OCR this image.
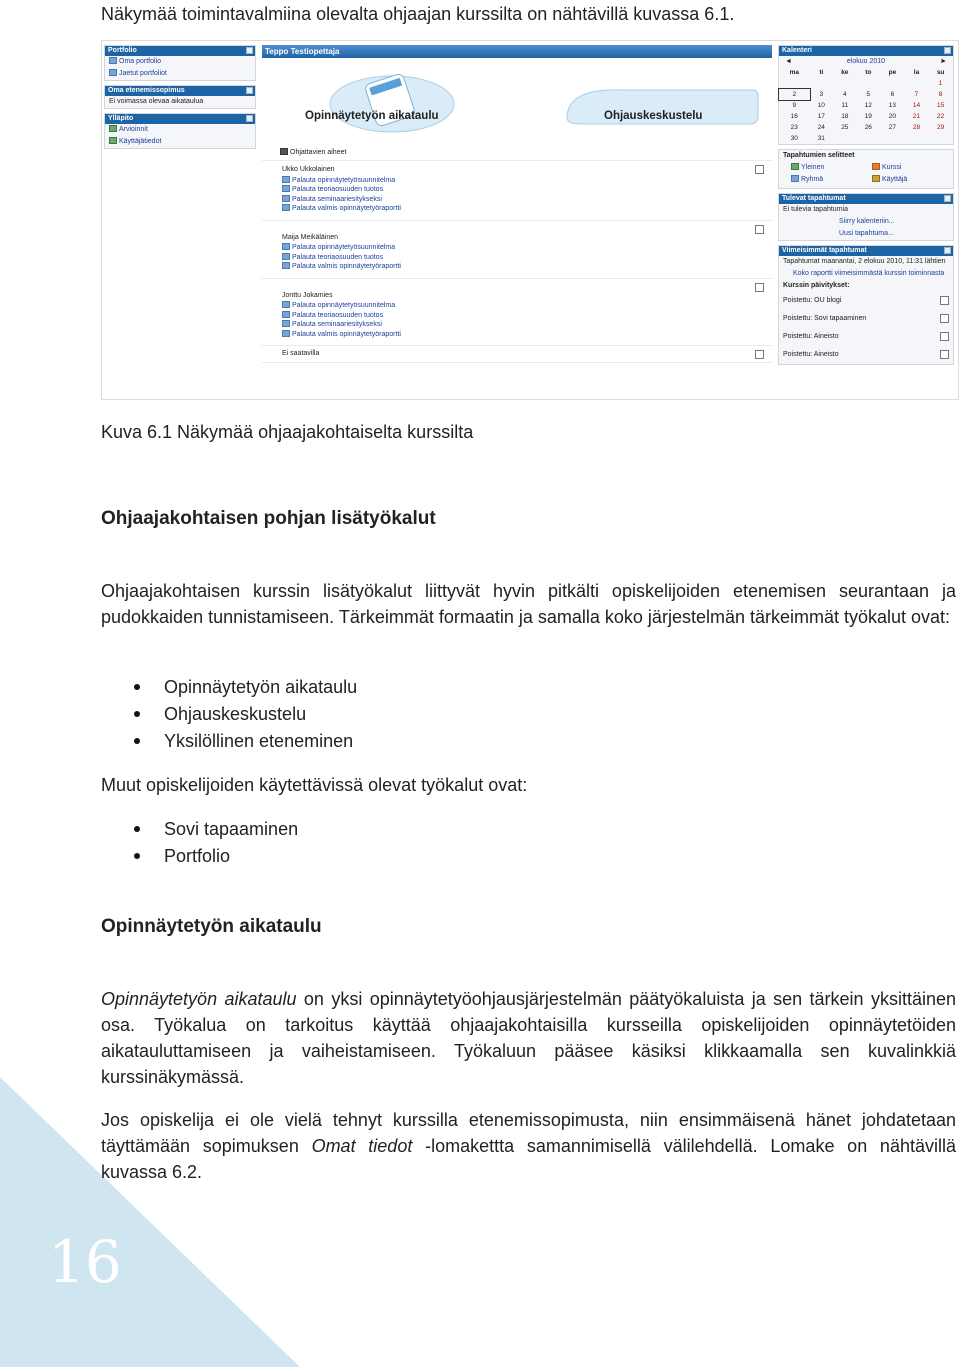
16
Näkymää toimintavalmiina olevalta ohjaajan kurssilta on nähtävillä kuvassa 6.1.
Portfolio
Oma portfolio
Jaetut portfoliot
Oma etenemissopimus
Ei voimassa olevaa aikataulua
Ylläpito
Arvioinnit
Käyttäjätiedot
Teppo Testiopettaja
Opinnäytetyön aikataulu	Ohjauskeskustelu
Ohjattavien aiheet
Ukko Ukkolainen
Palauta opinnäytetyösuunnitelma
Palauta teoriaosuuden tuotos
Palauta seminaariesitykseksi
Palauta valmis opinnäytetyöraportti
Maija Meikäläinen
Palauta opinnäytetyösuunnitelma
Palauta teoriaosuuden tuotos
Palauta valmis opinnäytetyöraportti
Jonttu Jokamies
Palauta opinnäytetyösuunnitelma
Palauta teoriaosuuden tuotos
Palauta seminaariesitykseksi
Palauta valmis opinnäytetyöraportti
Ei saatavilla
Kalenteri
◄	elokuu 2010	►
ma	ti	ke	to	pe	la	su
						1
2	3	4	5	6	7	8
9	10	11	12	13	14	15
16	17	18	19	20	21	22
23	24	25	26	27	28	29
30	31					
Tapahtumien selitteet
Yleinen	Kurssi
Ryhmä	Käyttäjä
Tulevat tapahtumat
Ei tulevia tapahtumia
Siirry kalenteriin...
Uusi tapahtuma...
Viimeisimmät tapahtumat
Tapahtumat maanantai, 2 elokuu 2010, 11:31 lähtien
Koko raportti viimeisimmästä kurssin toiminnasta
Kurssin päivitykset:
Poistettu: OU blogi
Poistettu: Sovi tapaaminen
Poistettu: Aineisto
Poistettu: Aineisto
Kuva 6.1 Näkymää ohjaajakohtaiselta kurssilta
Ohjaajakohtaisen pohjan lisätyökalut
Ohjaajakohtaisen kurssin lisätyökalut liittyvät hyvin pitkälti opiskelijoiden etenemisen seurantaan ja pudokkaiden tunnistamiseen. Tärkeimmät formaatin ja samalla koko järjestelmän tärkeimmät työkalut ovat:
Opinnäytetyön aikataulu
Ohjauskeskustelu
Yksilöllinen eteneminen
Muut opiskelijoiden käytettävissä olevat työkalut ovat:
Sovi tapaaminen
Portfolio
Opinnäytetyön aikataulu
Opinnäytetyön aikataulu on yksi opinnäytetyöohjausjärjestelmän päätyökaluista ja sen tärkein yksittäinen osa. Työkalua on tarkoitus käyttää ohjaajakohtaisilla kursseilla opiskelijoiden opinnäytetöiden aikatauluttamiseen ja vaiheistamiseen. Työkaluun pääsee käsiksi klikkaamalla sen kuvalinkkiä kurssinäkymässä.
Jos opiskelija ei ole vielä tehnyt kurssilla etenemissopimusta, niin ensimmäisenä hänet johdatetaan täyttämään sopimuksen Omat tiedot -lomakettta samannimisellä välilehdellä. Lomake on nähtävillä kuvassa 6.2.
